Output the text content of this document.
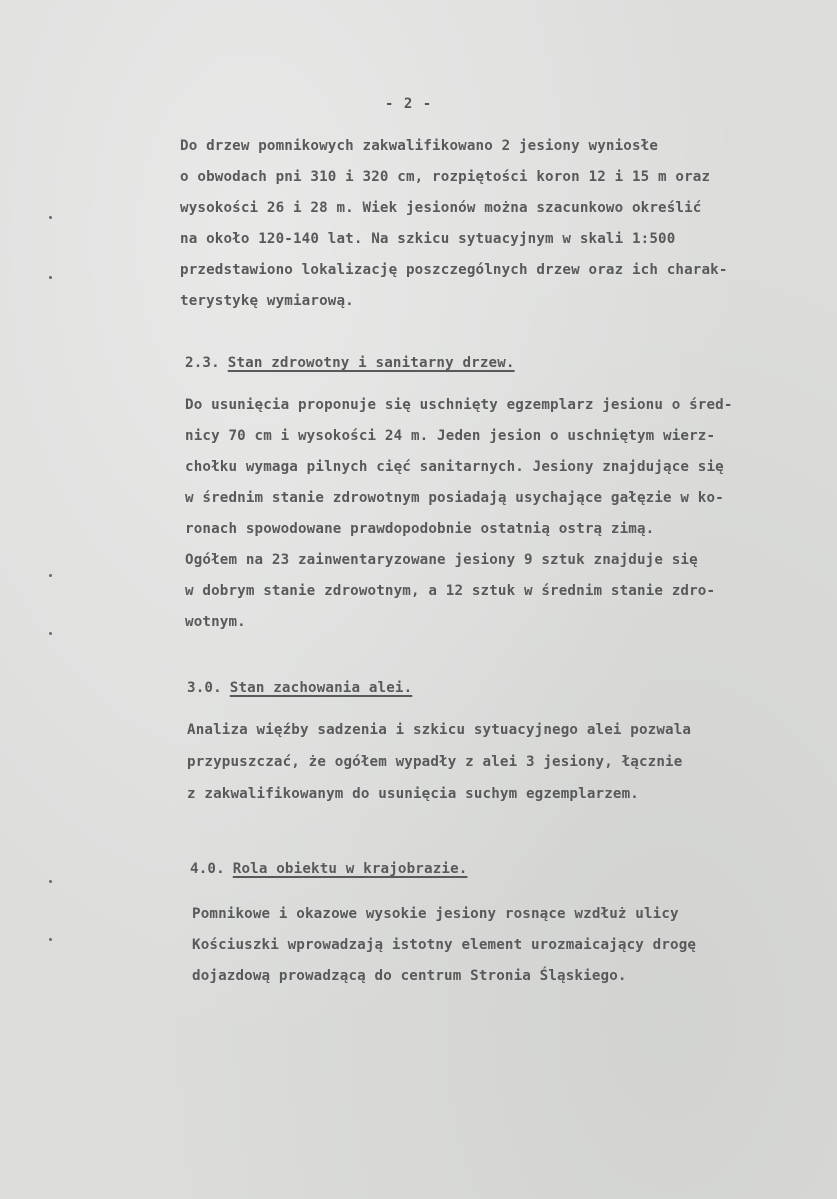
- 2 -
Do drzew pomnikowych zakwalifikowano 2 jesiony wyniosłe
o obwodach pni 310 i 320 cm, rozpiętości koron 12 i 15 m oraz
wysokości 26 i 28 m. Wiek jesionów można szacunkowo określić
na około 120-140 lat. Na szkicu sytuacyjnym w skali 1:500
przedstawiono lokalizację poszczególnych drzew oraz ich charak-
terystykę wymiarową.
2.3. Stan zdrowotny i sanitarny drzew.
Do usunięcia proponuje się uschnięty egzemplarz jesionu o śred-
nicy 70 cm i wysokości 24 m. Jeden jesion o uschniętym wierz-
chołku wymaga pilnych cięć sanitarnych. Jesiony znajdujące się
w średnim stanie zdrowotnym posiadają usychające gałęzie w ko-
ronach spowodowane prawdopodobnie ostatnią ostrą zimą.
Ogółem na 23 zainwentaryzowane jesiony 9 sztuk znajduje się
w dobrym stanie zdrowotnym, a 12 sztuk w średnim stanie zdro-
wotnym.
3.0. Stan zachowania alei.
Analiza więźby sadzenia i szkicu sytuacyjnego alei pozwala
przypuszczać, że ogółem wypadły z alei 3 jesiony, łącznie
z zakwalifikowanym do usunięcia suchym egzemplarzem.
4.0. Rola obiektu w krajobrazie.
Pomnikowe i okazowe wysokie jesiony rosnące wzdłuż ulicy
Kościuszki wprowadzają istotny element urozmaicający drogę
dojazdową prowadzącą do centrum Stronia Śląskiego.
